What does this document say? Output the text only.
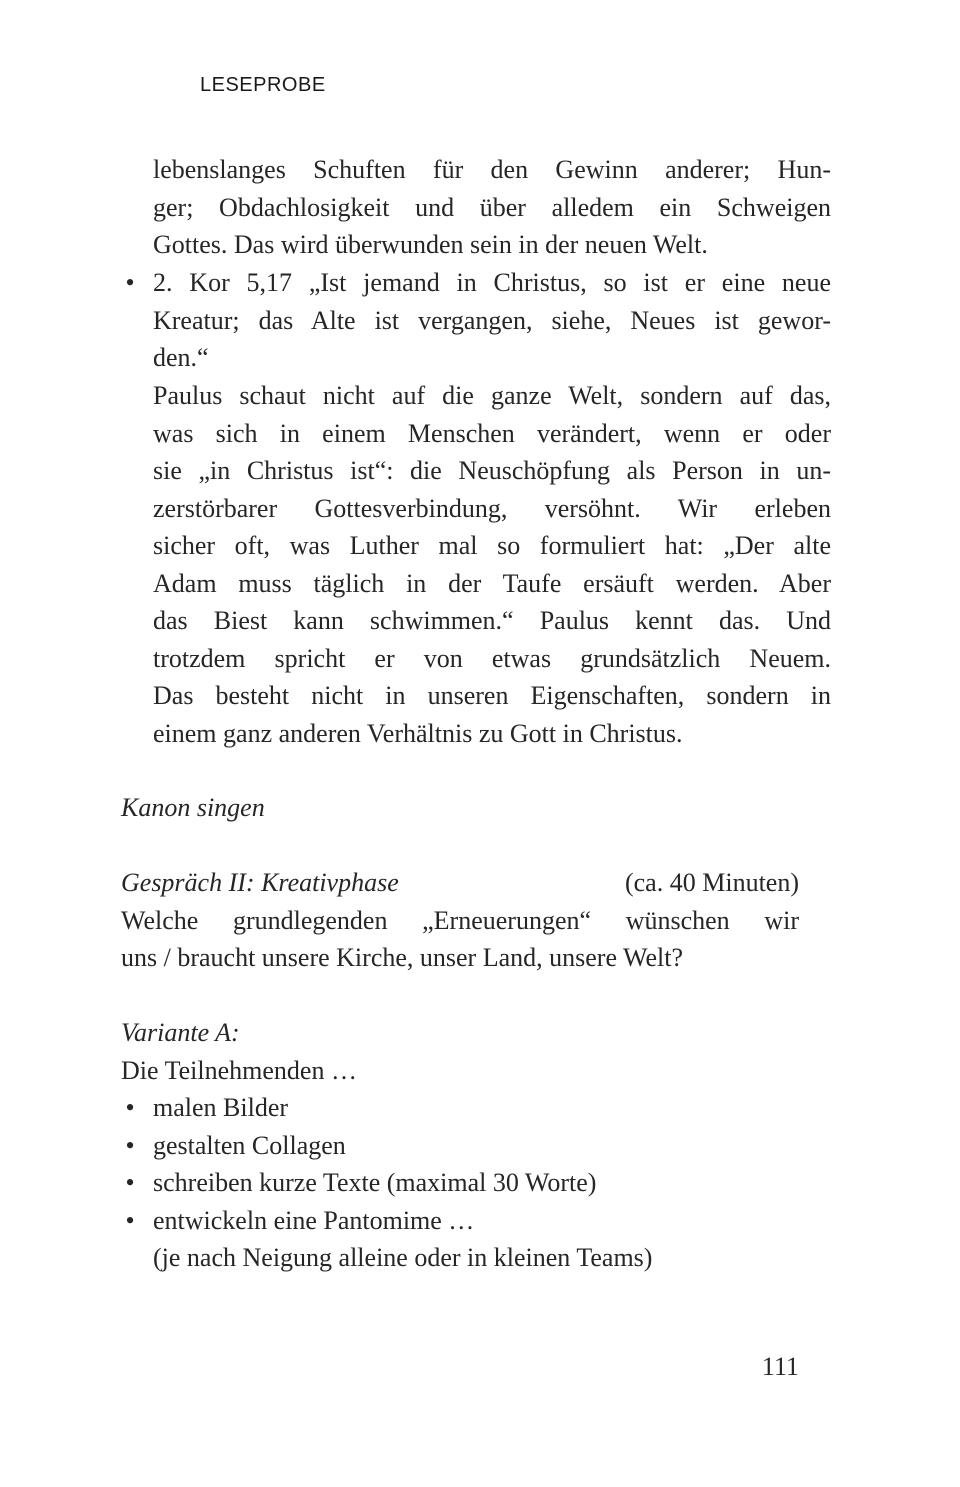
LESEPROBE
lebenslanges Schuften für den Gewinn anderer; Hun-
ger; Obdachlosigkeit und über alledem ein Schweigen
Gottes. Das wird überwunden sein in der neuen Welt.
• 2. Kor 5,17 „Ist jemand in Christus, so ist er eine neue
Kreatur; das Alte ist vergangen, siehe, Neues ist gewor-
den.“
Paulus schaut nicht auf die ganze Welt, sondern auf das,
was sich in einem Menschen verändert, wenn er oder
sie „in Christus ist“: die Neuschöpfung als Person in un-
zerstörbarer Gottesverbindung, versöhnt. Wir erleben
sicher oft, was Luther mal so formuliert hat: „Der alte
Adam muss täglich in der Taufe ersäuft werden. Aber
das Biest kann schwimmen.“ Paulus kennt das. Und
trotzdem spricht er von etwas grundsätzlich Neuem.
Das besteht nicht in unseren Eigenschaften, sondern in
einem ganz anderen Verhältnis zu Gott in Christus.
Kanon singen
Gespräch II: Kreativphase	(ca. 40 Minuten)
Welche grundlegenden „Erneuerungen“ wünschen wir
uns / braucht unsere Kirche, unser Land, unsere Welt?
Variante A:
Die Teilnehmenden …
• malen Bilder
• gestalten Collagen
• schreiben kurze Texte (maximal 30 Worte)
• entwickeln eine Pantomime …
(je nach Neigung alleine oder in kleinen Teams)
111
